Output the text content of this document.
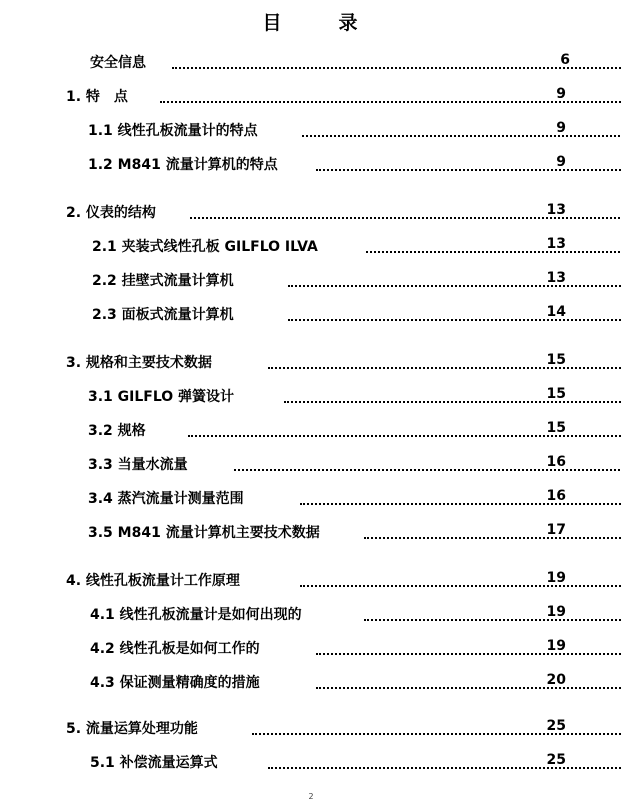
目	录
安全信息	6
1. 特　点	9
1.1 线性孔板流量计的特点	9
1.2 M841 流量计算机的特点	9
2. 仪表的结构	13
2.1 夹装式线性孔板 GILFLO ILVA	13
2.2 挂壁式流量计算机	13
2.3 面板式流量计算机	14
3. 规格和主要技术数据	15
3.1 GILFLO 弹簧设计	15
3.2 规格	15
3.3 当量水流量	16
3.4 蒸汽流量计测量范围	16
3.5 M841 流量计算机主要技术数据	17
4. 线性孔板流量计工作原理	19
4.1 线性孔板流量计是如何出现的	19
4.2 线性孔板是如何工作的	19
4.3 保证测量精确度的措施	20
5. 流量运算处理功能	25
5.1 补偿流量运算式	25
2
